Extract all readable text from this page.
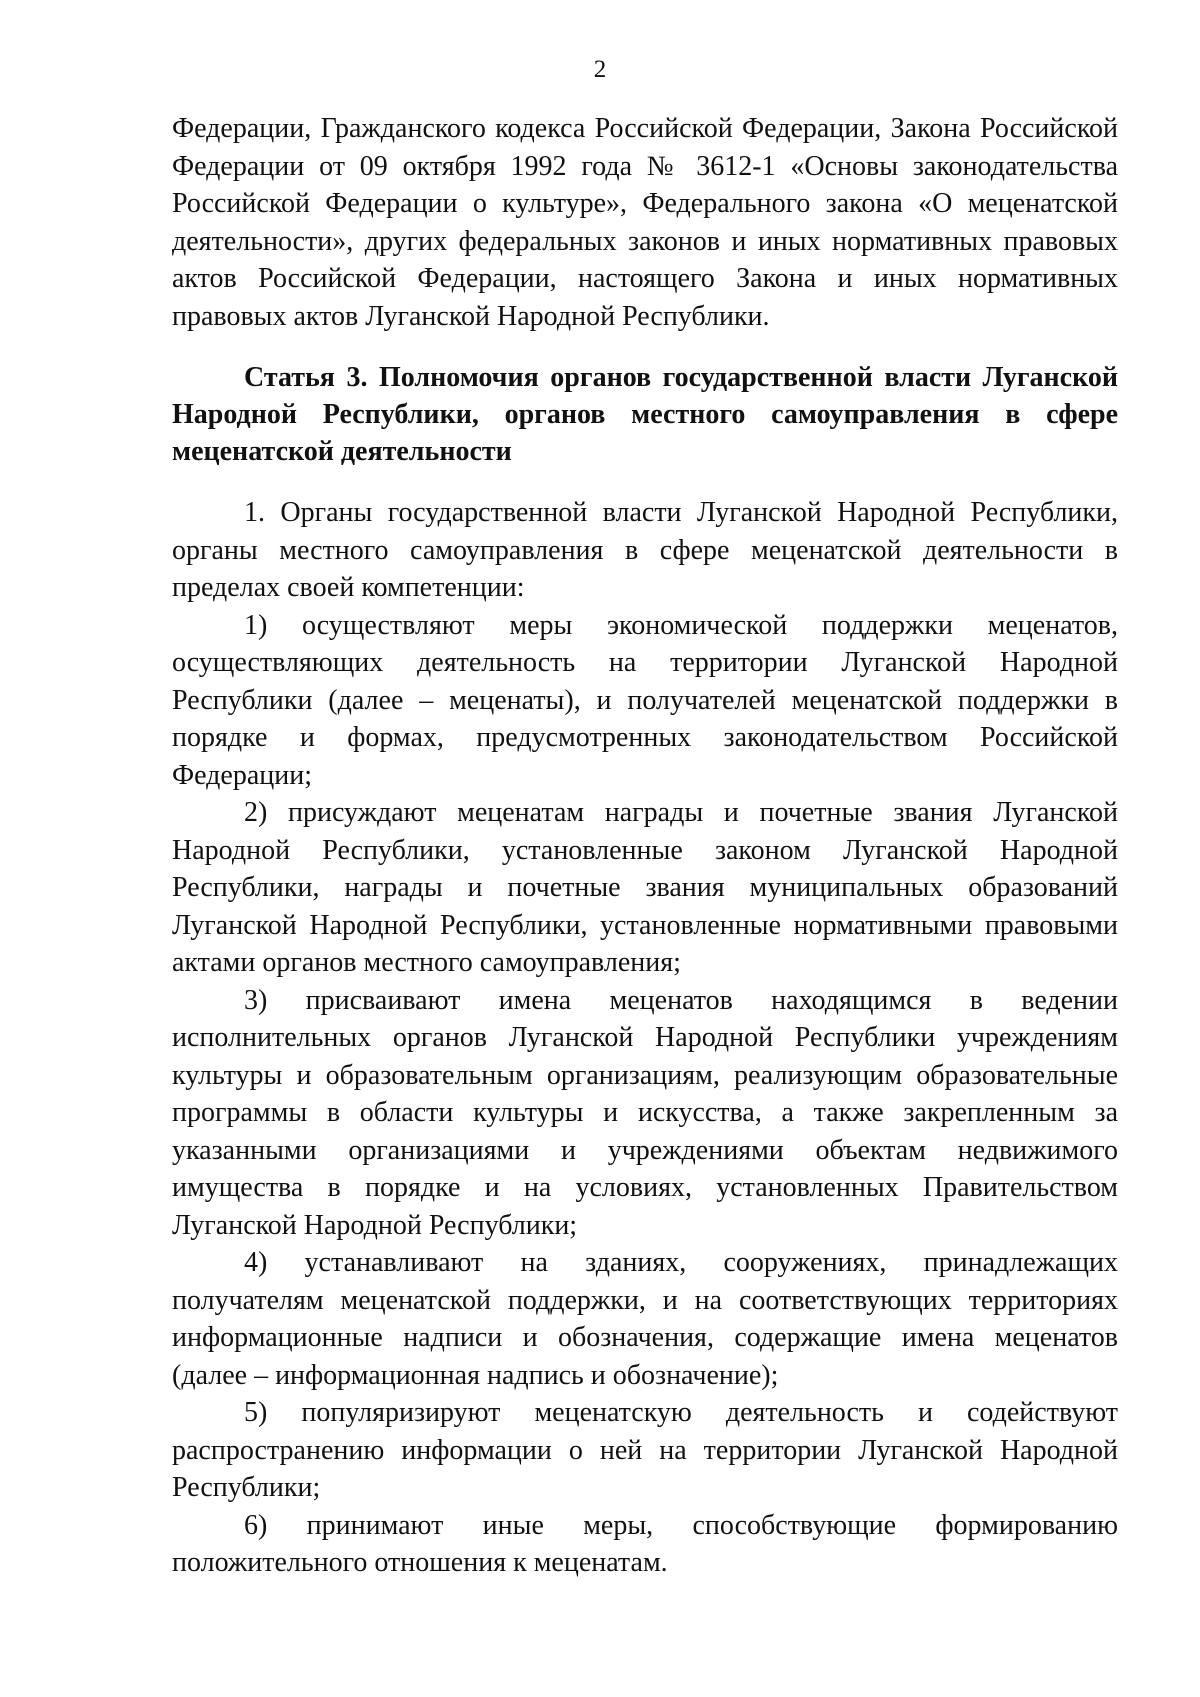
2

Федерации, Гражданского кодекса Российской Федерации, Закона Российской Федерации от 09 октября 1992 года № 3612-1 «Основы законодательства Российской Федерации о культуре», Федерального закона «О меценатской деятельности», других федеральных законов и иных нормативных правовых актов Российской Федерации, настоящего Закона и иных нормативных правовых актов Луганской Народной Республики.

Статья 3. Полномочия органов государственной власти Луганской Народной Республики, органов местного самоуправления в сфере меценатской деятельности

1. Органы государственной власти Луганской Народной Республики, органы местного самоуправления в сфере меценатской деятельности в пределах своей компетенции:

1) осуществляют меры экономической поддержки меценатов, осуществляющих деятельность на территории Луганской Народной Республики (далее – меценаты), и получателей меценатской поддержки в порядке и формах, предусмотренных законодательством Российской Федерации;

2) присуждают меценатам награды и почетные звания Луганской Народной Республики, установленные законом Луганской Народной Республики, награды и почетные звания муниципальных образований Луганской Народной Республики, установленные нормативными правовыми актами органов местного самоуправления;

3) присваивают имена меценатов находящимся в ведении исполнительных органов Луганской Народной Республики учреждениям культуры и образовательным организациям, реализующим образовательные программы в области культуры и искусства, а также закрепленным за указанными организациями и учреждениями объектам недвижимого имущества в порядке и на условиях, установленных Правительством Луганской Народной Республики;

4) устанавливают на зданиях, сооружениях, принадлежащих получателям меценатской поддержки, и на соответствующих территориях информационные надписи и обозначения, содержащие имена меценатов (далее – информационная надпись и обозначение);

5) популяризируют меценатскую деятельность и содействуют распространению информации о ней на территории Луганской Народной Республики;

6) принимают иные меры, способствующие формированию положительного отношения к меценатам.
